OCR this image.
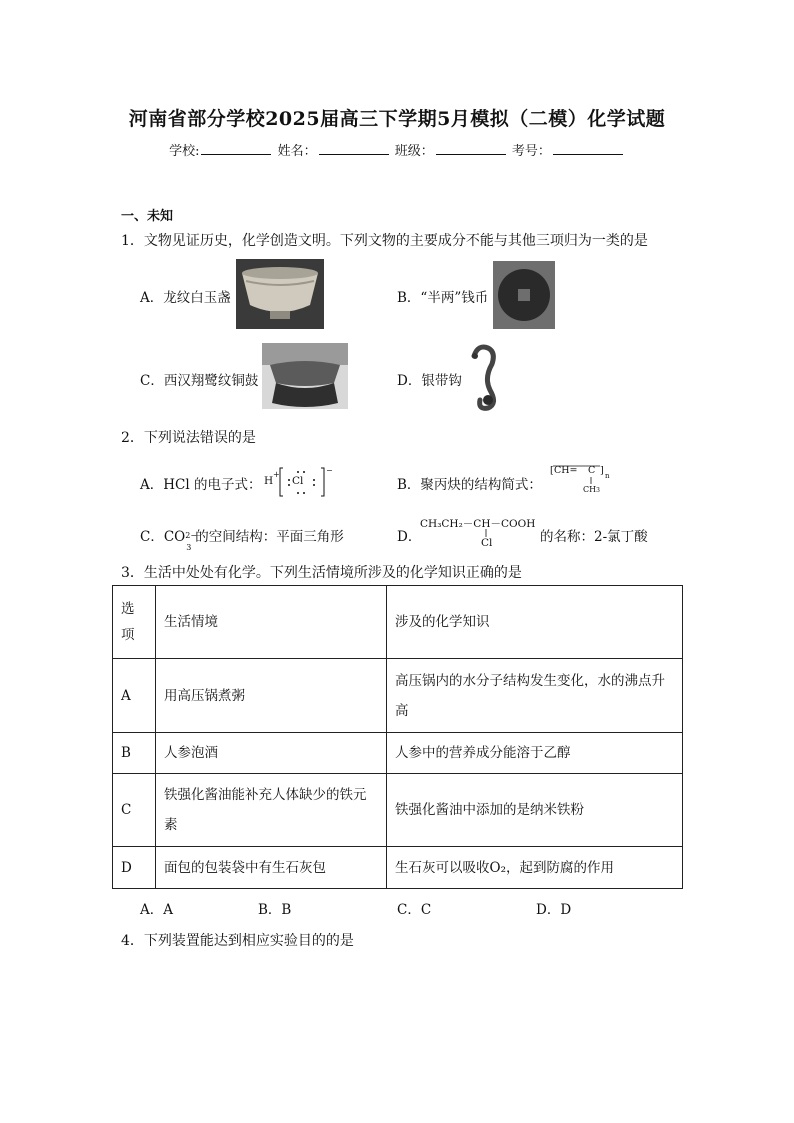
河南省部分学校2025届高三下学期5月模拟（二模）化学试题
学校:	姓名：	班级：	考号：
一、未知
1．文物见证历史，化学创造文明。下列文物的主要成分不能与其他三项归为一类的是
A．龙纹白玉盏	B．“半两”钱币
C．西汉翔鹭纹铜鼓	D．银带钩
2．下列说法错误的是
A．HCl 的电子式： H
+
Cl
−
B．聚丙炔的结构简式：
[ CH= C ] n
CH3
C．CO 2−
3
的空间结构：平面三角形	D．
CH₃CH₂－CH－COOH
Cl	的名称：2-氯丁酸
3．生活中处处有化学。下列生活情境所涉及的化学知识正确的是
选项	生活情境	涉及的化学知识
A	用高压锅煮粥	高压锅内的水分子结构发生变化，水的沸点升高
B	人参泡酒	人参中的营养成分能溶于乙醇
C	铁强化酱油能补充人体缺少的铁元素	铁强化酱油中添加的是纳米铁粉
D	面包的包装袋中有生石灰包	生石灰可以吸收O₂，起到防腐的作用
A．A	B．B	C．C	D．D
4．下列装置能达到相应实验目的的是
